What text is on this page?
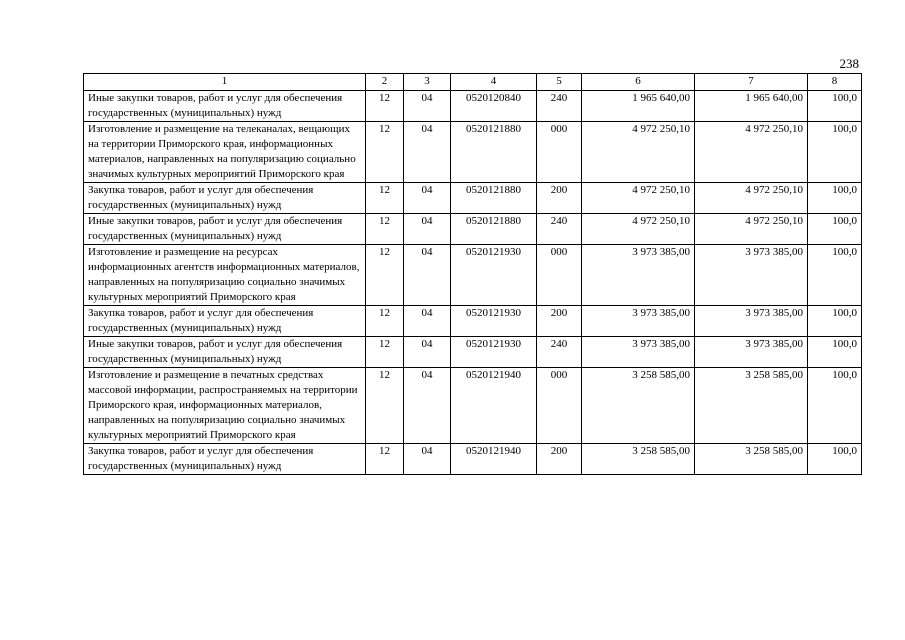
238
1	2	3	4	5	6	7	8
Иные закупки товаров, работ и услуг для обеспечения государственных (муниципальных) нужд	12	04	0520120840	240	1 965 640,00	1 965 640,00	100,0
Изготовление и размещение на телеканалах, вещающих на территории Приморского края, информационных материалов, направленных на популяризацию социально значимых культурных мероприятий Приморского края	12	04	0520121880	000	4 972 250,10	4 972 250,10	100,0
Закупка товаров, работ и услуг для обеспечения государственных (муниципальных) нужд	12	04	0520121880	200	4 972 250,10	4 972 250,10	100,0
Иные закупки товаров, работ и услуг для обеспечения государственных (муниципальных) нужд	12	04	0520121880	240	4 972 250,10	4 972 250,10	100,0
Изготовление и размещение на ресурсах информационных агентств информационных материалов, направленных на популяризацию социально значимых культурных мероприятий Приморского края	12	04	0520121930	000	3 973 385,00	3 973 385,00	100,0
Закупка товаров, работ и услуг для обеспечения государственных (муниципальных) нужд	12	04	0520121930	200	3 973 385,00	3 973 385,00	100,0
Иные закупки товаров, работ и услуг для обеспечения государственных (муниципальных) нужд	12	04	0520121930	240	3 973 385,00	3 973 385,00	100,0
Изготовление и размещение в печатных средствах массовой информации, распространяемых на территории Приморского края, информационных материалов, направленных на популяризацию социально значимых культурных мероприятий Приморского края	12	04	0520121940	000	3 258 585,00	3 258 585,00	100,0
Закупка товаров, работ и услуг для обеспечения государственных (муниципальных) нужд	12	04	0520121940	200	3 258 585,00	3 258 585,00	100,0
